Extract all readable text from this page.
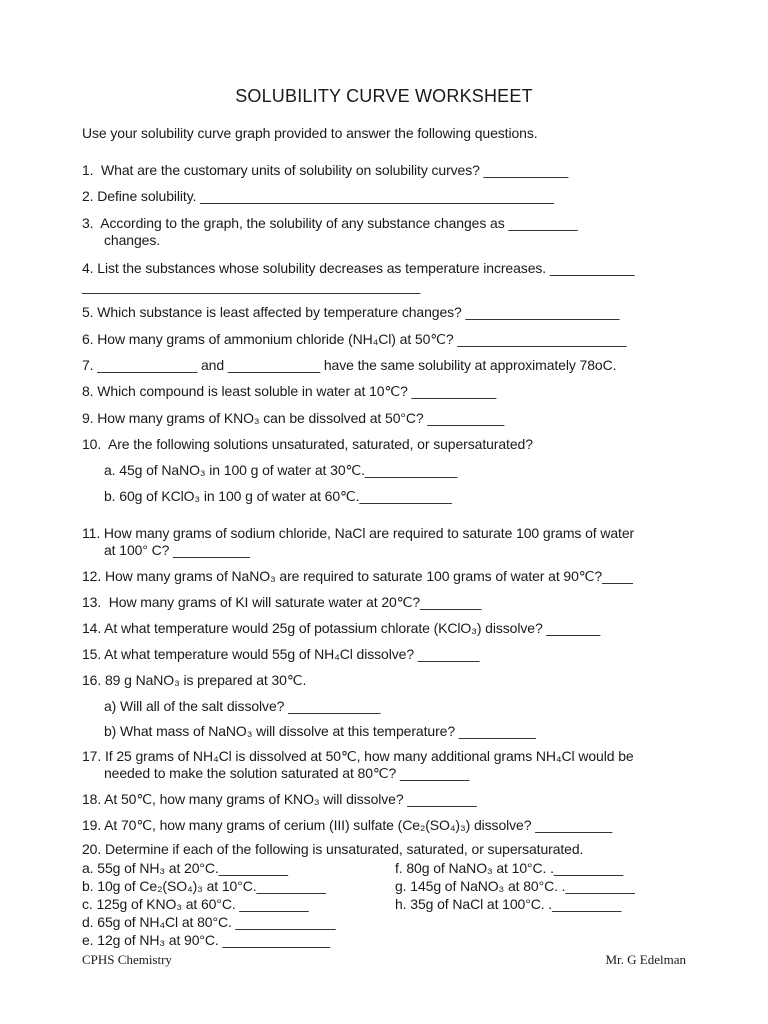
SOLUBILITY CURVE WORKSHEET
Use your solubility curve graph provided to answer the following questions.
1.  What are the customary units of solubility on solubility curves? ___________
2. Define solubility. ______________________________________________
3.  According to the graph, the solubility of any substance changes as _________
changes.
4. List the substances whose solubility decreases as temperature increases. ___________
____________________________________________
5. Which substance is least affected by temperature changes? ____________________
6. How many grams of ammonium chloride (NH₄Cl) at 50℃? ______________________
7. _____________ and ____________ have the same solubility at approximately 78oC.
8. Which compound is least soluble in water at 10℃? ___________
9. How many grams of KNO₃ can be dissolved at 50°C? __________
10.  Are the following solutions unsaturated, saturated, or supersaturated?
a. 45g of NaNO₃ in 100 g of water at 30℃.____________
b. 60g of KClO₃ in 100 g of water at 60℃.____________
11. How many grams of sodium chloride, NaCl are required to saturate 100 grams of water
at 100° C? __________
12. How many grams of NaNO₃ are required to saturate 100 grams of water at 90℃?____
13.  How many grams of KI will saturate water at 20℃?________
14. At what temperature would 25g of potassium chlorate (KClO₃) dissolve? _______
15. At what temperature would 55g of NH₄Cl dissolve? ________
16. 89 g NaNO₃ is prepared at 30℃.
a) Will all of the salt dissolve? ____________
b) What mass of NaNO₃ will dissolve at this temperature? __________
17. If 25 grams of NH₄Cl is dissolved at 50℃, how many additional grams NH₄Cl would be
needed to make the solution saturated at 80℃? _________
18. At 50℃, how many grams of KNO₃ will dissolve? _________
19. At 70℃, how many grams of cerium (III) sulfate (Ce₂(SO₄)₃) dissolve? __________
20. Determine if each of the following is unsaturated, saturated, or supersaturated.
a. 55g of NH₃ at 20°C._________
b. 10g of Ce₂(SO₄)₃ at 10°C._________
c. 125g of KNO₃ at 60°C. _________
d. 65g of NH₄Cl at 80°C. _____________
e. 12g of NH₃ at 90°C. ______________
f. 80g of NaNO₃ at 10°C. ._________
g. 145g of NaNO₃ at 80°C. ._________
h. 35g of NaCl at 100°C. ._________
CPHS Chemistry	Mr. G Edelman
